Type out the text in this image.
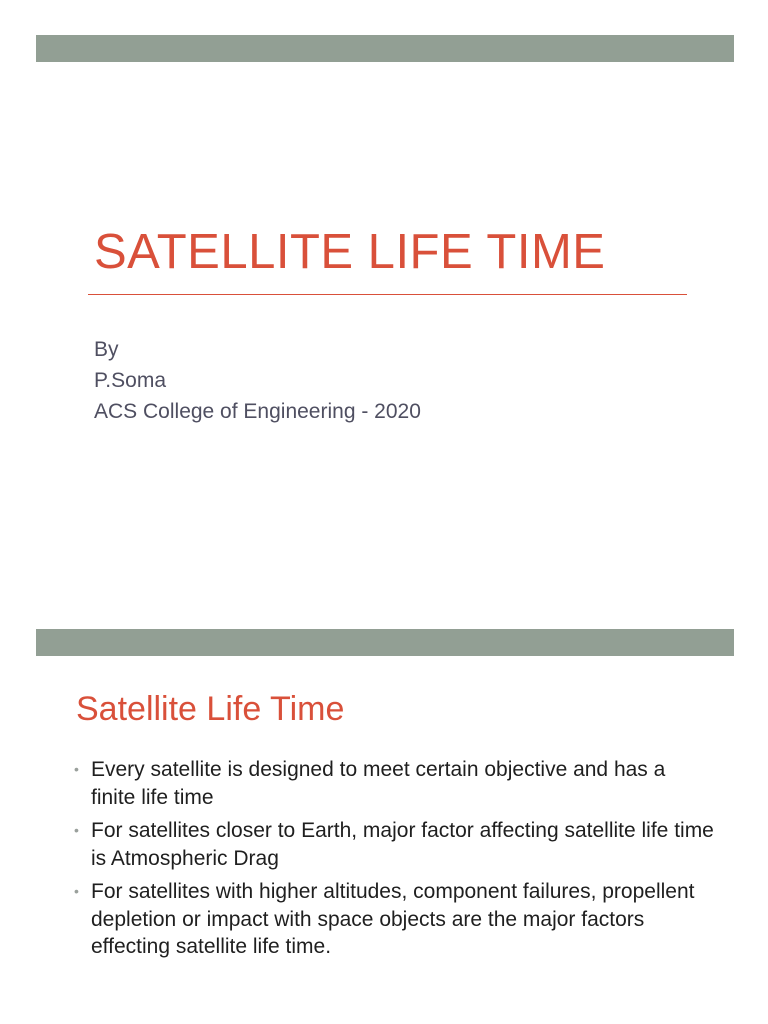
SATELLITE LIFE TIME
By
P.Soma
ACS College of Engineering - 2020
Satellite Life Time
• Every satellite is designed to meet certain objective and has a finite life time
• For satellites closer to Earth, major factor affecting satellite life time is Atmospheric Drag
• For satellites with higher altitudes, component failures, propellent depletion or impact with space objects are the major factors effecting satellite life time.
